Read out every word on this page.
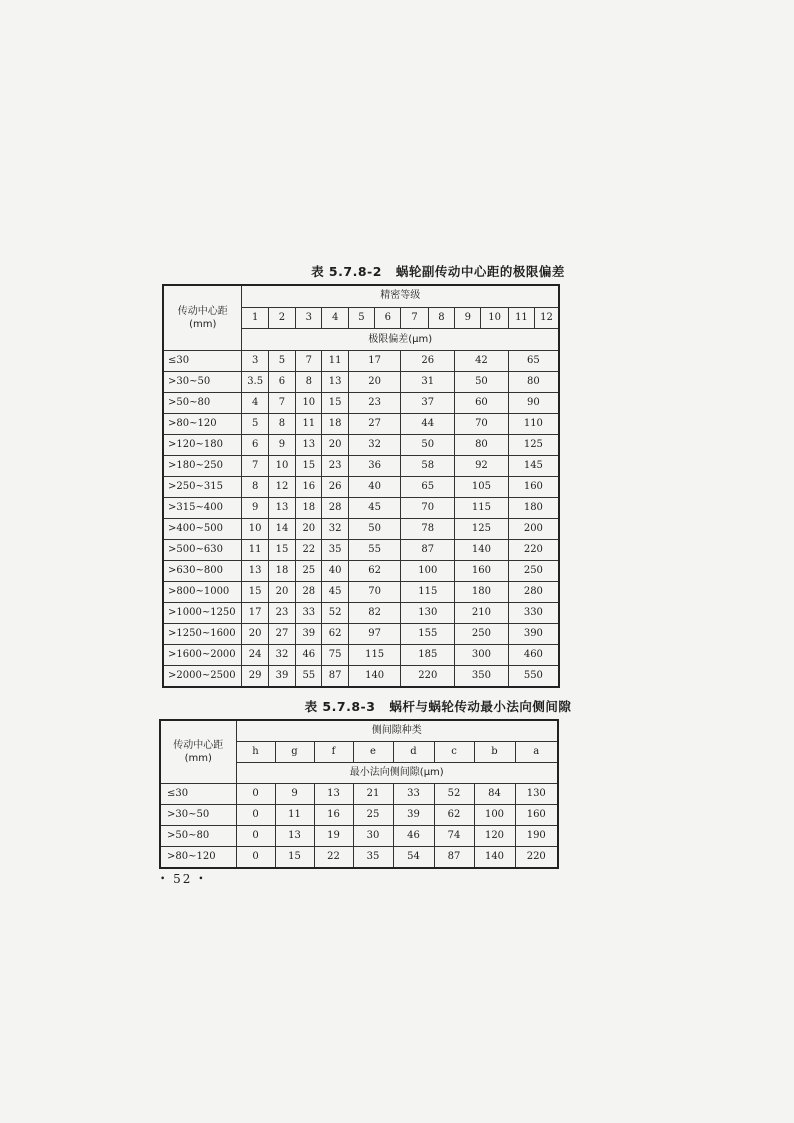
表 5.7.8-2 蜗轮副传动中心距的极限偏差
传动中心距
(mm)	精密等级											
	1	2	3	4	5	6	7	8	9	10	11	12
	极限偏差(μm)											
≤30	3	5	7	11	17		26		42		65	
>30~50	3.5	6	8	13	20		31		50		80	
>50~80	4	7	10	15	23		37		60		90	
>80~120	5	8	11	18	27		44		70		110	
>120~180	6	9	13	20	32		50		80		125	
>180~250	7	10	15	23	36		58		92		145	
>250~315	8	12	16	26	40		65		105		160	
>315~400	9	13	18	28	45		70		115		180	
>400~500	10	14	20	32	50		78		125		200	
>500~630	11	15	22	35	55		87		140		220	
>630~800	13	18	25	40	62		100		160		250	
>800~1000	15	20	28	45	70		115		180		280	
>1000~1250	17	23	33	52	82		130		210		330	
>1250~1600	20	27	39	62	97		155		250		390	
>1600~2000	24	32	46	75	115		185		300		460	
>2000~2500	29	39	55	87	140		220		350		550	
表 5.7.8-3 蜗杆与蜗轮传动最小法向侧间隙
传动中心距
(mm)	侧间隙种类							
	h	g	f	e	d	c	b	a
	最小法向侧间隙(μm)							
≤30	0	9	13	21	33	52	84	130
>30~50	0	11	16	25	39	62	100	160
>50~80	0	13	19	30	46	74	120	190
>80~120	0	15	22	35	54	87	140	220
• 52 •
